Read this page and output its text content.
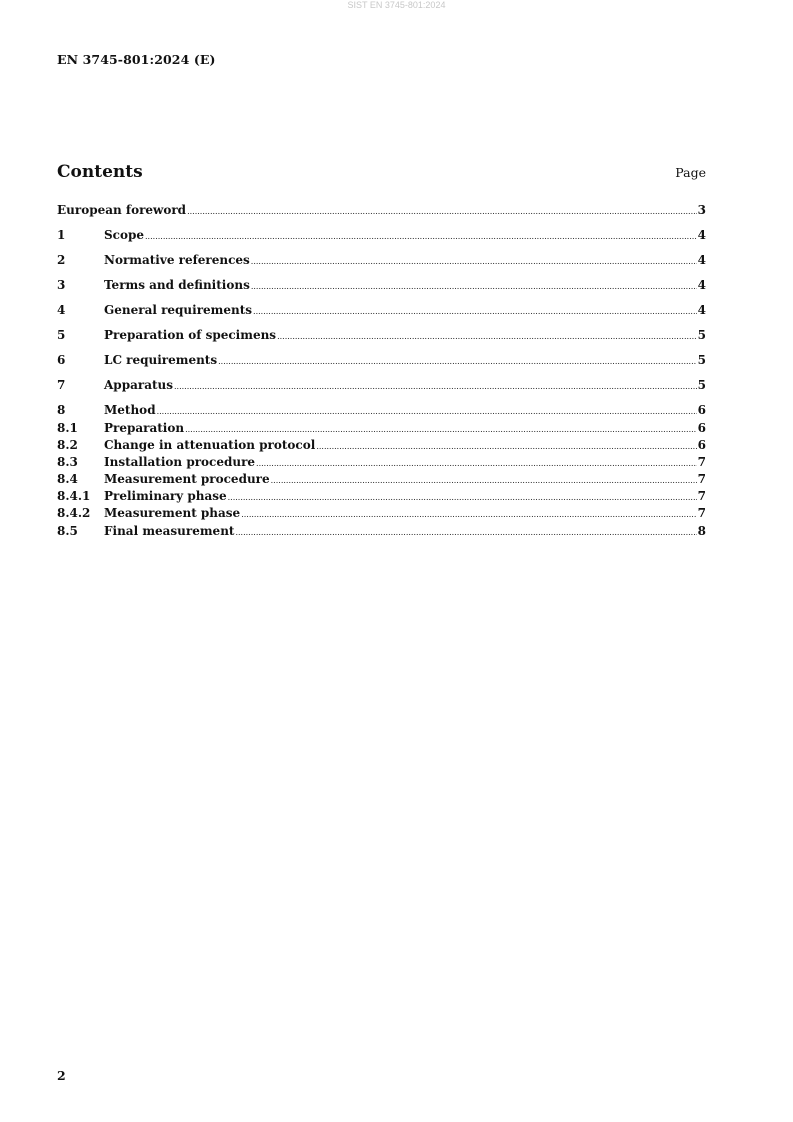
SIST EN 3745-801:2024
EN 3745-801:2024 (E)
Contents	Page
European foreword .....	3
1	Scope .....	4
2	Normative references .....	4
3	Terms and definitions .....	4
4	General requirements .....	4
5	Preparation of specimens .....	5
6	LC requirements .....	5
7	Apparatus .....	5
8	Method .....	6
8.1	Preparation .....	6
8.2	Change in attenuation protocol .....	6
8.3	Installation procedure .....	7
8.4	Measurement procedure .....	7
8.4.1	Preliminary phase .....	7
8.4.2	Measurement phase .....	7
8.5	Final measurement .....	8
2
